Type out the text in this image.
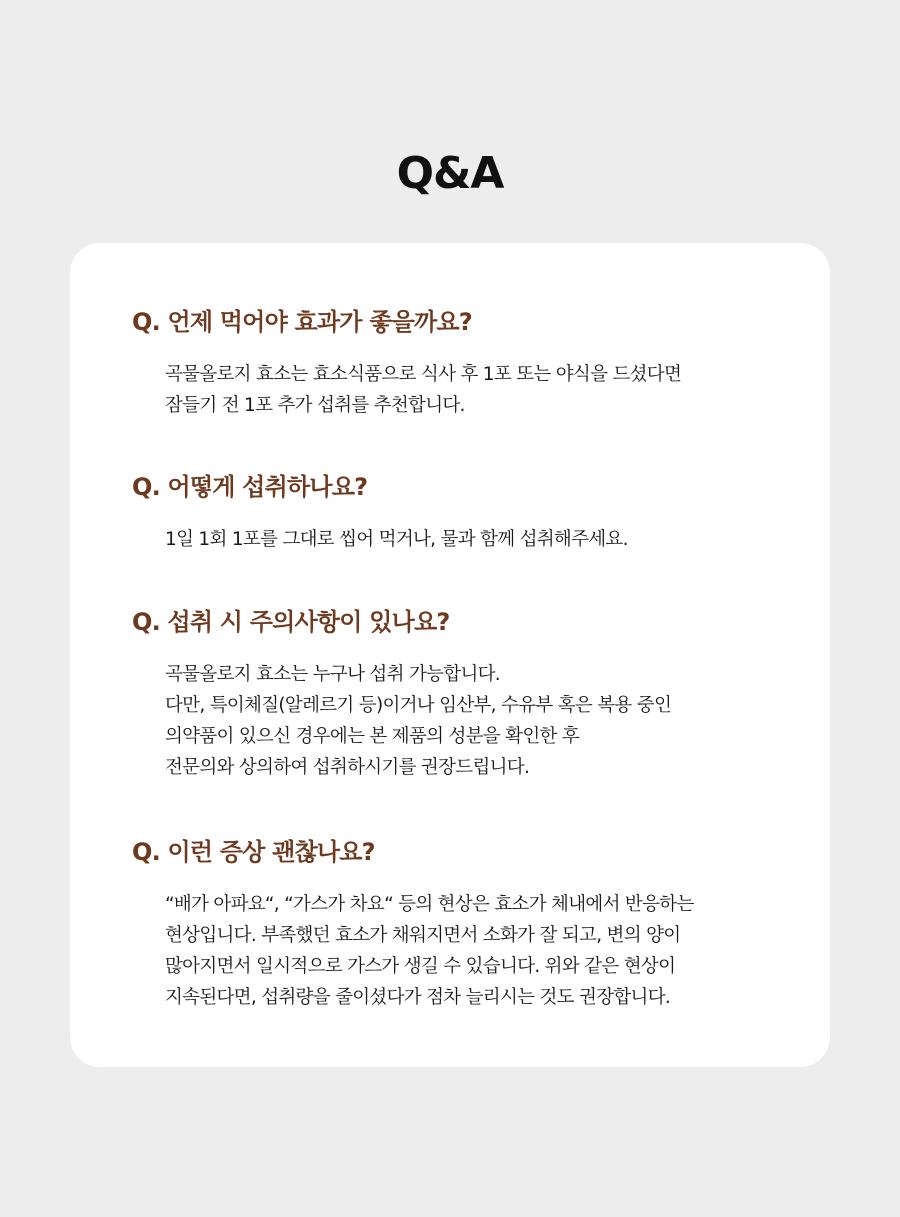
Q&A
Q. 언제 먹어야 효과가 좋을까요?
곡물올로지 효소는 효소식품으로 식사 후 1포 또는 야식을 드셨다면
잠들기 전 1포 추가 섭취를 추천합니다.
Q. 어떻게 섭취하나요?
1일 1회 1포를 그대로 씹어 먹거나, 물과 함께 섭취해주세요.
Q. 섭취 시 주의사항이 있나요?
곡물올로지 효소는 누구나 섭취 가능합니다.
다만, 특이체질(알레르기 등)이거나 임산부, 수유부 혹은 복용 중인
의약품이 있으신 경우에는 본 제품의 성분을 확인한 후
전문의와 상의하여 섭취하시기를 권장드립니다.
Q. 이런 증상 괜찮나요?
“배가 아파요“, “가스가 차요“ 등의 현상은 효소가 체내에서 반응하는
현상입니다. 부족했던 효소가 채워지면서 소화가 잘 되고, 변의 양이
많아지면서 일시적으로 가스가 생길 수 있습니다. 위와 같은 현상이
지속된다면, 섭취량을 줄이셨다가 점차 늘리시는 것도 권장합니다.
